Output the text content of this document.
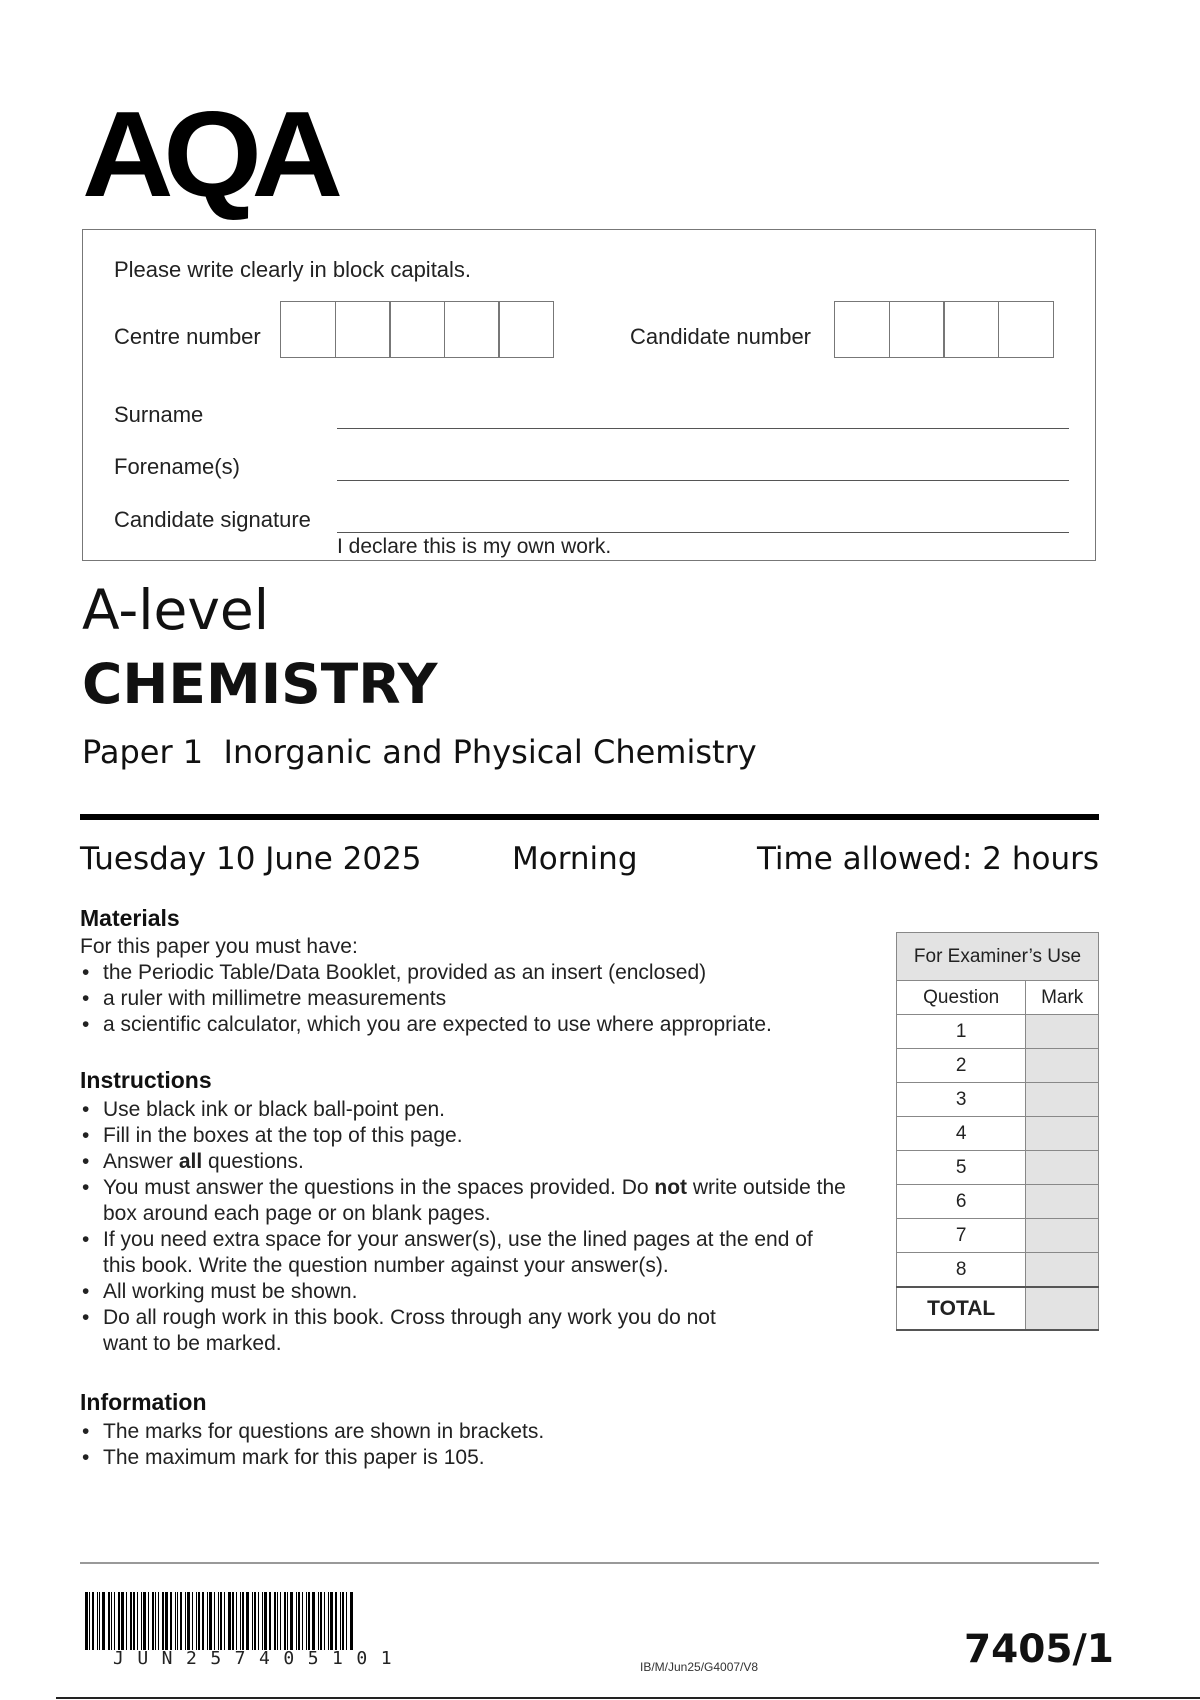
AQA
Please write clearly in block capitals.
Centre number	Candidate number
Surname
Forename(s)
Candidate signature
I declare this is my own work.
A-level
CHEMISTRY
Paper 1  Inorganic and Physical Chemistry
Tuesday 10 June 2025	Morning	Time allowed: 2 hours
Materials
For this paper you must have:
• the Periodic Table/Data Booklet, provided as an insert (enclosed)
• a ruler with millimetre measurements
• a scientific calculator, which you are expected to use where appropriate.
Instructions
• Use black ink or black ball-point pen.
• Fill in the boxes at the top of this page.
• Answer all questions.
• You must answer the questions in the spaces provided. Do not write outside the box around each page or on blank pages.
• If you need extra space for your answer(s), use the lined pages at the end of this book. Write the question number against your answer(s).
• All working must be shown.
• Do all rough work in this book. Cross through any work you do not want to be marked.
Information
• The marks for questions are shown in brackets.
• The maximum mark for this paper is 105.
For Examiner’s Use	
Question	Mark
1	
2	
3	
4	
5	
6	
7	
8	
TOTAL	
JUN257405101	IB/M/Jun25/G4007/V8	7405/1
